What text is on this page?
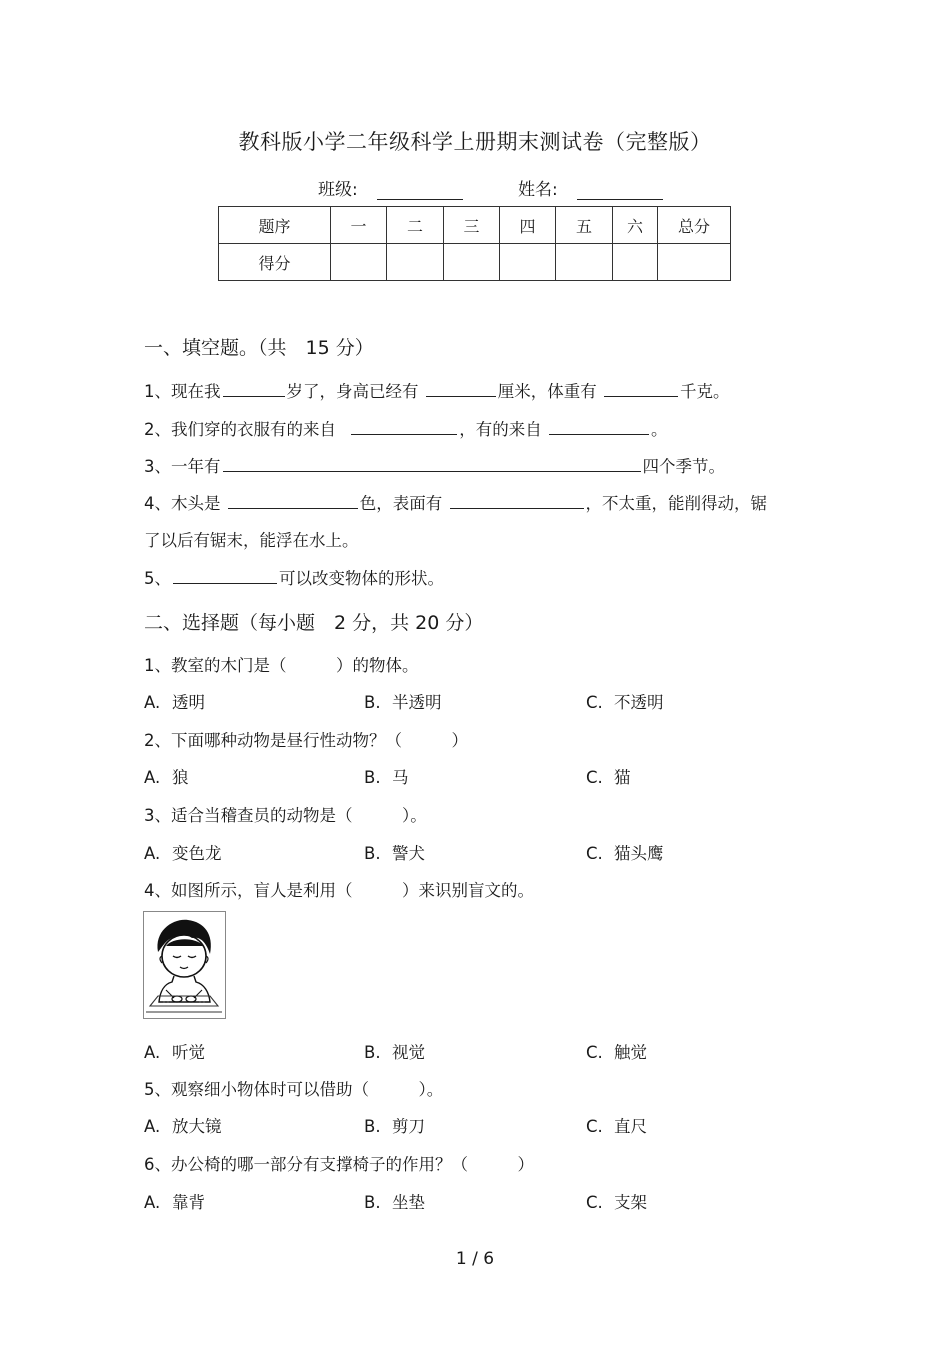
教科版小学二年级科学上册期末测试卷（完整版）
班级:	姓名:
题序	一	二	三	四	五	六	总分
得分							
一、填空题。（共　15 分）
1、现在我	岁了，身高已经有	厘米，体重有	千克。
2、我们穿的衣服有的来自	，有的来自	。
3、一年有	四个季节。
4、木头是	色，表面有	，不太重，能削得动，锯
了以后有锯末，能浮在水上。
5、	可以改变物体的形状。
二、选择题（每小题　2 分，共 20 分）
1、教室的木门是（　　　）的物体。
A. 透明	B. 半透明	C. 不透明
2、下面哪种动物是昼行性动物？（　　　）
A. 狼	B. 马	C. 猫
3、适合当稽查员的动物是（　　　）。
A. 变色龙	B. 警犬	C. 猫头鹰
4、如图所示，盲人是利用（　　　）来识别盲文的。
A. 听觉	B. 视觉	C. 触觉
5、观察细小物体时可以借助（　　　）。
A. 放大镜	B. 剪刀	C. 直尺
6、办公椅的哪一部分有支撑椅子的作用？（　　　）
A. 靠背	B. 坐垫	C. 支架
1 / 6
